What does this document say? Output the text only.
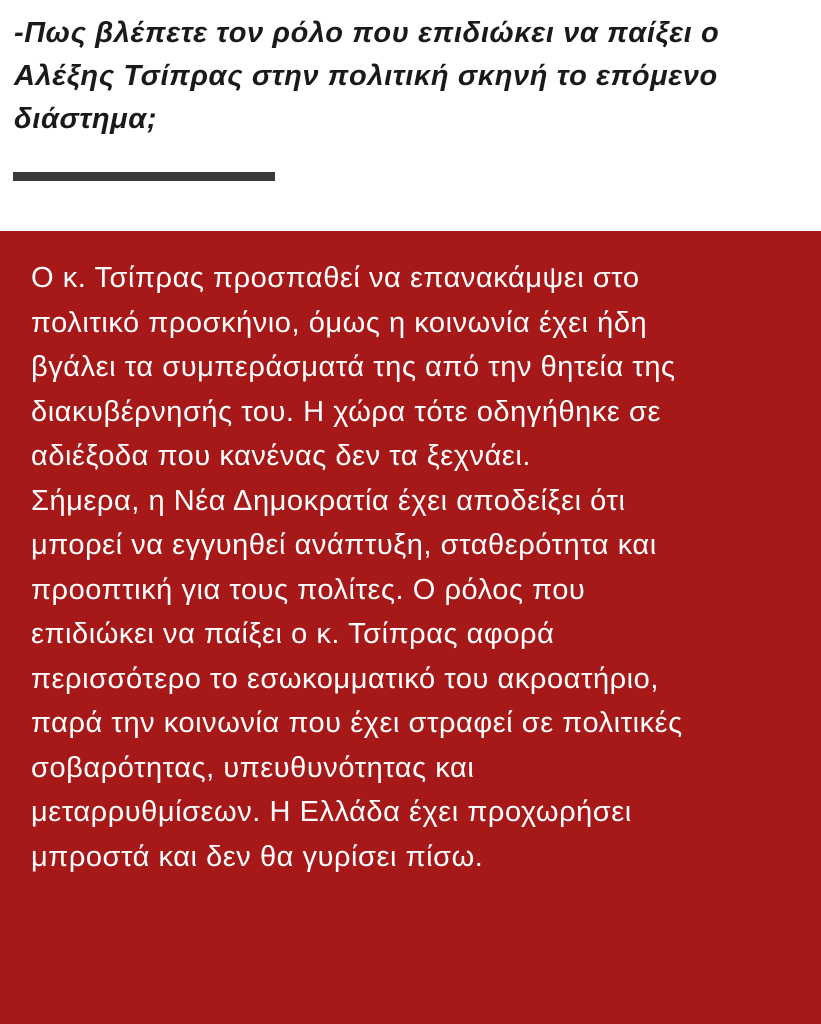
-Πως βλέπετε τον ρόλο που επιδιώκει να παίξει ο
Αλέξης Τσίπρας στην πολιτική σκηνή το επόμενο
διάστημα;

Ο κ. Τσίπρας προσπαθεί να επανακάμψει στο
πολιτικό προσκήνιο, όμως η κοινωνία έχει ήδη
βγάλει τα συμπεράσματά της από την θητεία της
διακυβέρνησής του. Η χώρα τότε οδηγήθηκε σε
αδιέξοδα που κανένας δεν τα ξεχνάει.
Σήμερα, η Νέα Δημοκρατία έχει αποδείξει ότι
μπορεί να εγγυηθεί ανάπτυξη, σταθερότητα και
προοπτική για τους πολίτες. Ο ρόλος που
επιδιώκει να παίξει ο κ. Τσίπρας αφορά
περισσότερο το εσωκομματικό του ακροατήριο,
παρά την κοινωνία που έχει στραφεί σε πολιτικές
σοβαρότητας, υπευθυνότητας και
μεταρρυθμίσεων. Η Ελλάδα έχει προχωρήσει
μπροστά και δεν θα γυρίσει πίσω.
